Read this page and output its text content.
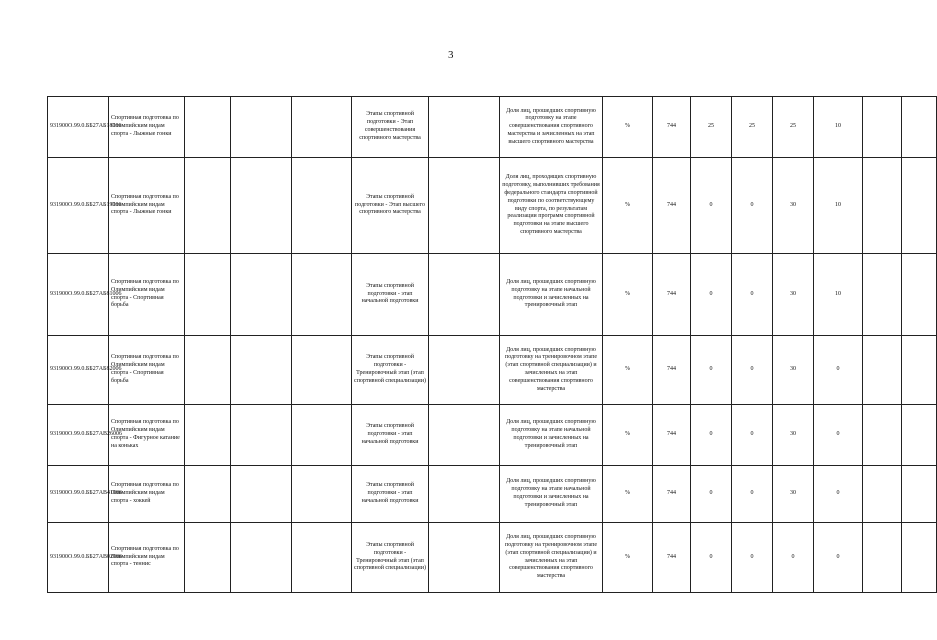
3
931900О.99.0.ББ27АБ18006	Спортивная подготовка по Олимпийским видам спорта - Лыжные гонки				Этапы спортивной подготовки - Этап совершенствования спортивного мастерства		Доля лиц, прошедших спортивную подготовку на этапе совершенствования спортивного мастерства и зачисленных на этап высшего спортивного мастерства	%	744	25	25	25	10		
931900О.99.0.ББ27АБ19006	Спортивная подготовка по Олимпийским видам спорта - Лыжные гонки				Этапы спортивной подготовки - Этап высшего спортивного мастерства		Доля лиц, проходящих спортивную подготовку, выполнивших требования федерального стандарта спортивной подготовки по соответствующему виду спорта, по результатам реализации программ спортивной подготовки на этапе высшего спортивного мастерства	%	744	0	0	30	10		
931900О.99.0.ББ27АБ81006	Спортивная подготовка по Олимпийским видам спорта - Спортивная борьба				Этапы спортивной подготовки - этап начальной подготовки		Доля лиц, прошедших спортивную подготовку на этапе начальной подготовки и зачисленных на тренировочный этап	%	744	0	0	30	10		
931900О.99.0.ББ27АБ82006	Спортивная подготовка по Олимпийским видам спорта - Спортивная борьба				Этапы спортивной подготовки - Тренировочный этап (этап спортивной специализации)		Доля лиц, прошедших спортивную подготовку на тренировочном этапе (этап спортивной специализации) и зачисленных на этап совершенствования спортивного мастерства	%	744	0	0	30	0		
931900О.99.0.ББ27АВ26006	Спортивная подготовка по Олимпийским видам спорта - Фигурное катание на коньках				Этапы спортивной подготовки - этап начальной подготовки		Доля лиц, прошедших спортивную подготовку на этапе начальной подготовки и зачисленных на тренировочный этап	%	744	0	0	30	0		
931900О.99.0.ББ27АВ41006	Спортивная подготовка по Олимпийским видам спорта - хоккей				Этапы спортивной подготовки - этап начальной подготовки		Доля лиц, прошедших спортивную подготовку на этапе начальной подготовки и зачисленных на тренировочный этап	%	744	0	0	30	0		
931900О.99.0.ББ27АВ02006	Спортивная подготовка по Олимпийским видам спорта - теннис				Этапы спортивной подготовки - Тренировочный этап (этап спортивной специализации)		Доля лиц, прошедших спортивную подготовку на тренировочном этапе (этап спортивной специализации) и зачисленных на этап совершенствования спортивного мастерства	%	744	0	0	0	0		
